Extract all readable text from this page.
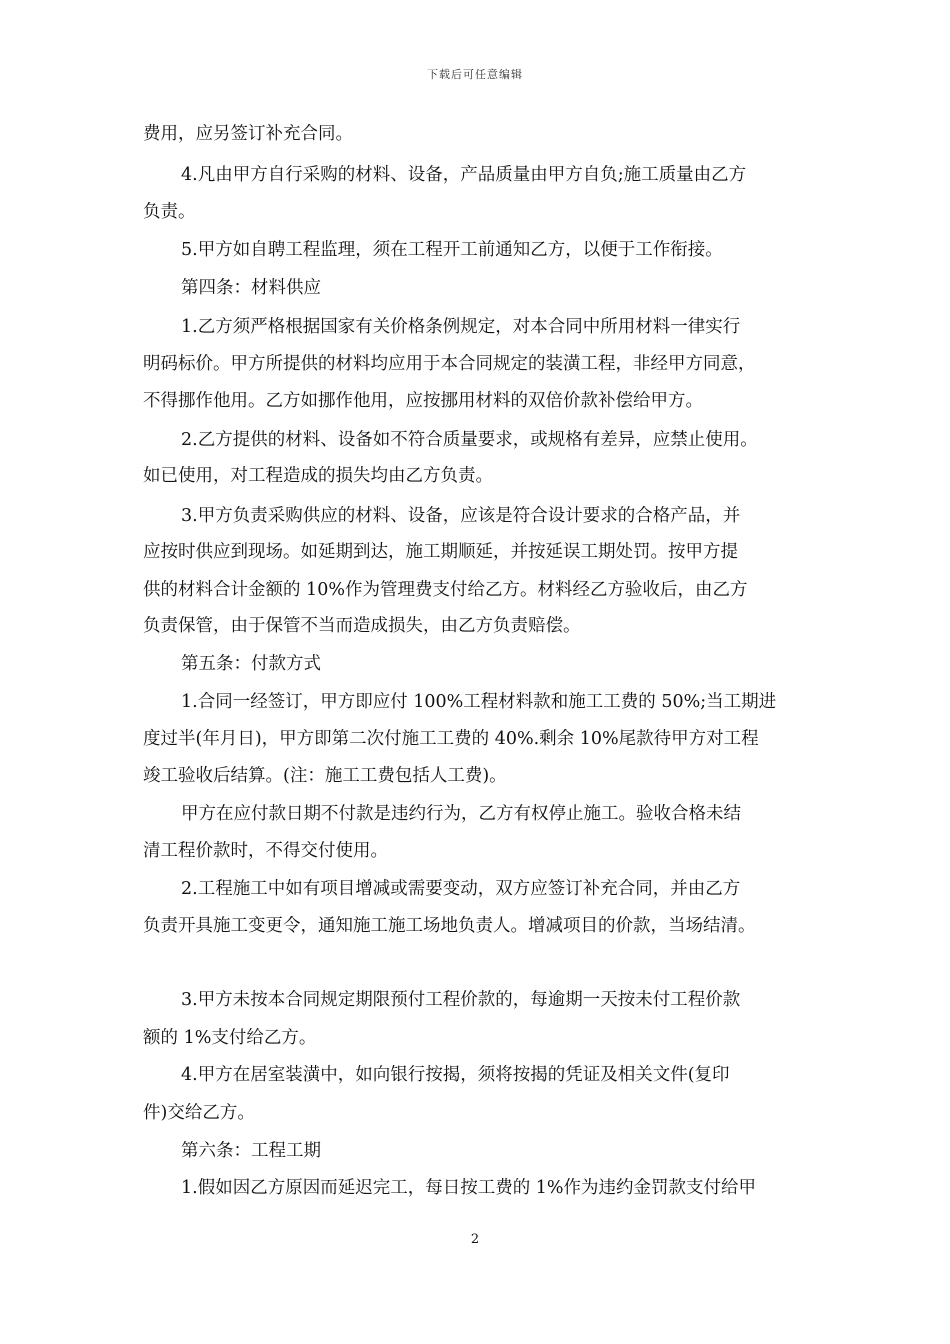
下载后可任意编辑
费用，应另签订补充合同。
4.凡由甲方自行采购的材料、设备，产品质量由甲方自负;施工质量由乙方
负责。
5.甲方如自聘工程监理，须在工程开工前通知乙方，以便于工作衔接。
第四条：材料供应
1.乙方须严格根据国家有关价格条例规定，对本合同中所用材料一律实行
明码标价。甲方所提供的材料均应用于本合同规定的装潢工程，非经甲方同意，
不得挪作他用。乙方如挪作他用，应按挪用材料的双倍价款补偿给甲方。
2.乙方提供的材料、设备如不符合质量要求，或规格有差异，应禁止使用。
如已使用，对工程造成的损失均由乙方负责。
3.甲方负责采购供应的材料、设备，应该是符合设计要求的合格产品，并
应按时供应到现场。如延期到达，施工期顺延，并按延误工期处罚。按甲方提
供的材料合计金额的 10%作为管理费支付给乙方。材料经乙方验收后，由乙方
负责保管，由于保管不当而造成损失，由乙方负责赔偿。
第五条：付款方式
1.合同一经签订，甲方即应付 100%工程材料款和施工工费的 50%;当工期进
度过半(年月日)，甲方即第二次付施工工费的 40%.剩余 10%尾款待甲方对工程
竣工验收后结算。(注：施工工费包括人工费)。
甲方在应付款日期不付款是违约行为，乙方有权停止施工。验收合格未结
清工程价款时，不得交付使用。
2.工程施工中如有项目增减或需要变动，双方应签订补充合同，并由乙方
负责开具施工变更令，通知施工施工场地负责人。增减项目的价款，当场结清。
3.甲方未按本合同规定期限预付工程价款的，每逾期一天按未付工程价款
额的 1%支付给乙方。
4.甲方在居室装潢中，如向银行按揭，须将按揭的凭证及相关文件(复印
件)交给乙方。
第六条：工程工期
1.假如因乙方原因而延迟完工，每日按工费的 1%作为违约金罚款支付给甲
2
